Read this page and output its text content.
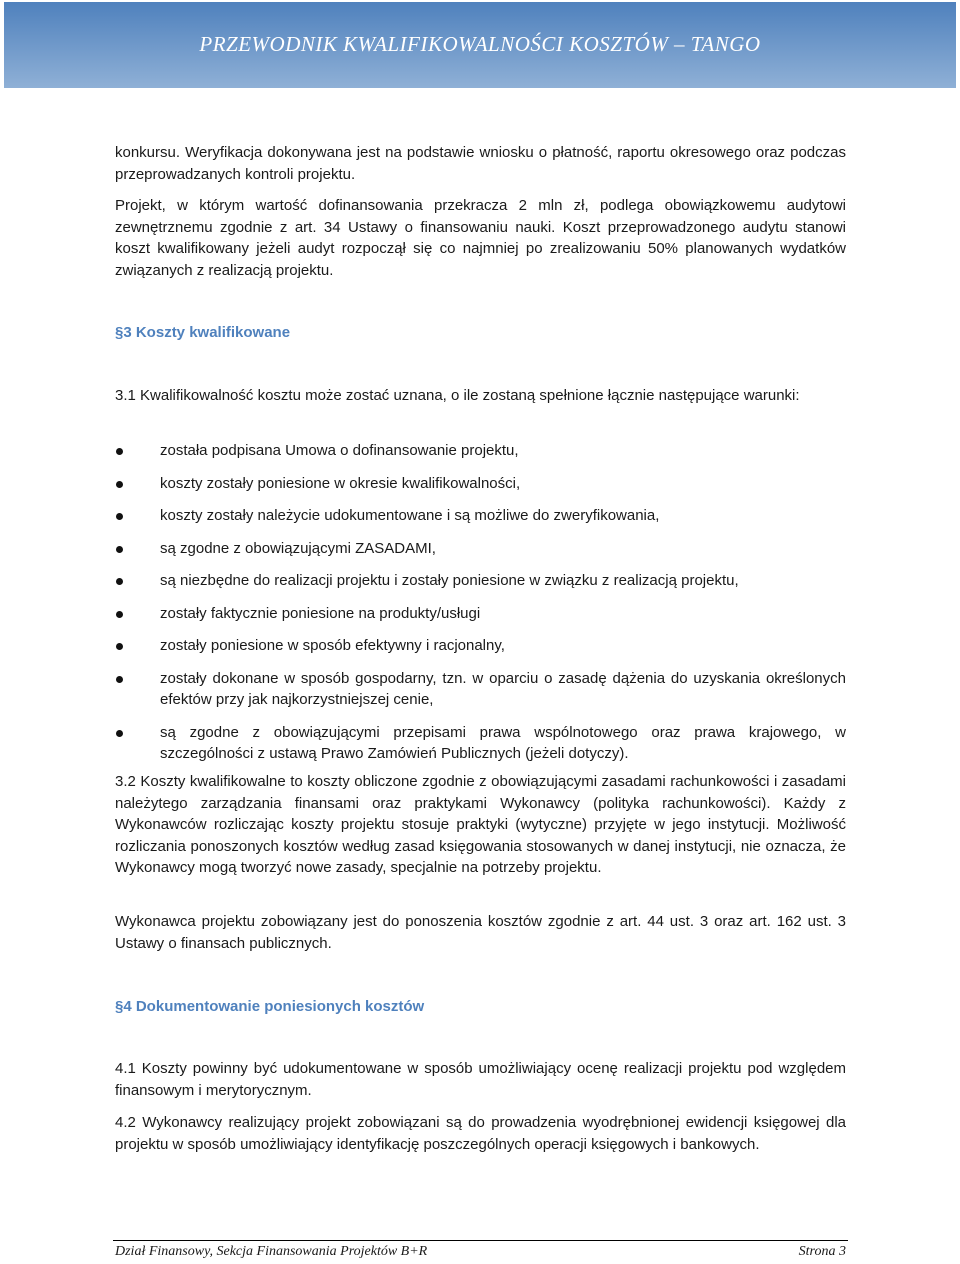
PRZEWODNIK KWALIFIKOWALNOŚCI KOSZTÓW – TANGO

konkursu. Weryfikacja dokonywana jest na podstawie wniosku o płatność, raportu okresowego oraz podczas przeprowadzanych kontroli projektu.

Projekt, w którym wartość dofinansowania przekracza 2 mln zł, podlega obowiązkowemu audytowi zewnętrznemu zgodnie z art. 34 Ustawy o finansowaniu nauki. Koszt przeprowadzonego audytu stanowi koszt kwalifikowany jeżeli audyt rozpoczął się co najmniej po zrealizowaniu 50% planowanych wydatków związanych z realizacją projektu.

§3 Koszty kwalifikowane

3.1 Kwalifikowalność kosztu może zostać uznana, o ile zostaną spełnione łącznie następujące warunki:

została podpisana Umowa o dofinansowanie projektu,
koszty zostały poniesione w okresie kwalifikowalności,
koszty zostały należycie udokumentowane i są możliwe do zweryfikowania,
są zgodne z obowiązującymi ZASADAMI,
są niezbędne do realizacji projektu i zostały poniesione w związku z realizacją projektu,
zostały faktycznie poniesione na produkty/usługi
zostały poniesione w sposób efektywny i racjonalny,
zostały dokonane w sposób gospodarny, tzn. w oparciu o zasadę dążenia do uzyskania określonych efektów przy jak najkorzystniejszej cenie,
są zgodne z obowiązującymi przepisami prawa wspólnotowego oraz prawa krajowego, w szczególności z ustawą Prawo Zamówień Publicznych (jeżeli dotyczy).

3.2 Koszty kwalifikowalne to koszty obliczone zgodnie z obowiązującymi zasadami rachunkowości i zasadami należytego zarządzania finansami oraz praktykami Wykonawcy (polityka rachunkowości). Każdy z Wykonawców rozliczając koszty projektu stosuje praktyki (wytyczne) przyjęte w jego instytucji. Możliwość rozliczania ponoszonych kosztów według zasad księgowania stosowanych w danej instytucji, nie oznacza, że Wykonawcy mogą tworzyć nowe zasady, specjalnie na potrzeby projektu.

Wykonawca projektu zobowiązany jest do ponoszenia kosztów zgodnie z art. 44 ust. 3 oraz art. 162 ust. 3 Ustawy o finansach publicznych.

§4 Dokumentowanie poniesionych kosztów

4.1 Koszty powinny być udokumentowane w sposób umożliwiający ocenę realizacji projektu pod względem finansowym i merytorycznym.

4.2 Wykonawcy realizujący projekt zobowiązani są do prowadzenia wyodrębnionej ewidencji księgowej dla projektu w sposób umożliwiający identyfikację poszczególnych operacji księgowych i bankowych.

Dział Finansowy, Sekcja Finansowania Projektów B+R	Strona 3
